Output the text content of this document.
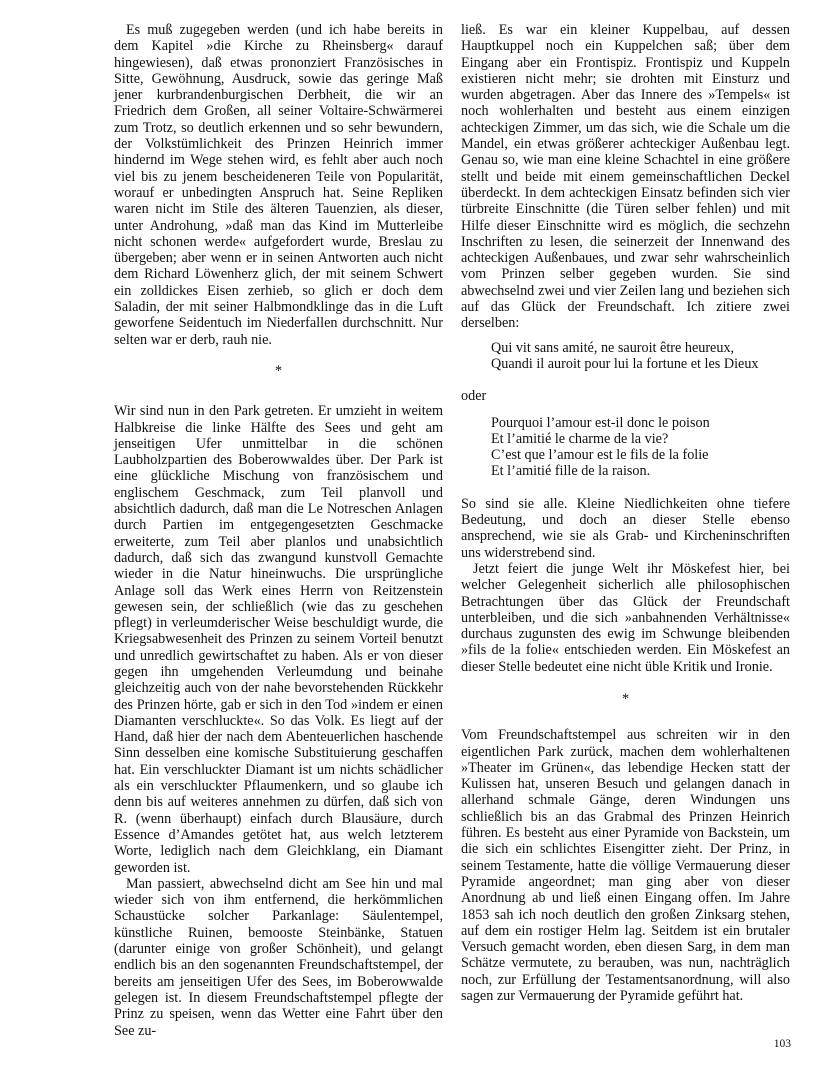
Es muß zugegeben werden (und ich habe bereits in dem Kapitel »die Kirche zu Rheinsberg« darauf hingewiesen), daß etwas prononziert Französisches in Sitte, Gewöhnung, Ausdruck, sowie das geringe Maß jener kurbrandenburgischen Derbheit, die wir an Friedrich dem Großen, all seiner Voltaire-Schwärmerei zum Trotz, so deutlich erkennen und so sehr bewundern, der Volkstümlichkeit des Prinzen Heinrich immer hindernd im Wege stehen wird, es fehlt aber auch noch viel bis zu jenem bescheideneren Teile von Popularität, worauf er unbedingten Anspruch hat. Seine Repliken waren nicht im Stile des älteren Tauenzien, als dieser, unter Androhung, »daß man das Kind im Mutterleibe nicht schonen werde« aufgefordert wurde, Breslau zu übergeben; aber wenn er in seinen Antworten auch nicht dem Richard Löwenherz glich, der mit seinem Schwert ein zolldickes Eisen zerhieb, so glich er doch dem Saladin, der mit seiner Halbmondklinge das in die Luft geworfene Seidentuch im Niederfallen durchschnitt. Nur selten war er derb, rauh nie.

*

Wir sind nun in den Park getreten. Er umzieht in weitem Halbkreise die linke Hälfte des Sees und geht am jenseitigen Ufer unmittelbar in die schönen Laubholzpartien des Boberowwaldes über. Der Park ist eine glückliche Mischung von französischem und englischem Geschmack, zum Teil planvoll und absichtlich dadurch, daß man die Le Notreschen Anlagen durch Partien im entgegengesetzten Geschmacke erweiterte, zum Teil aber planlos und unabsichtlich dadurch, daß sich das zwangund kunstvoll Gemachte wieder in die Natur hineinwuchs. Die ursprüngliche Anlage soll das Werk eines Herrn von Reitzenstein gewesen sein, der schließlich (wie das zu geschehen pflegt) in verleumderischer Weise beschuldigt wurde, die Kriegsabwesenheit des Prinzen zu seinem Vorteil benutzt und unredlich gewirtschaftet zu haben. Als er von dieser gegen ihn umgehenden Verleumdung und beinahe gleichzeitig auch von der nahe bevorstehenden Rückkehr des Prinzen hörte, gab er sich in den Tod »indem er einen Diamanten verschluckte«. So das Volk. Es liegt auf der Hand, daß hier der nach dem Abenteuerlichen haschende Sinn desselben eine komische Substituierung geschaffen hat. Ein verschluckter Diamant ist um nichts schädlicher als ein verschluckter Pflaumenkern, und so glaube ich denn bis auf weiteres annehmen zu dürfen, daß sich von R. (wenn überhaupt) einfach durch Blausäure, durch Essence d’Amandes getötet hat, aus welch letzterem Worte, lediglich nach dem Gleichklang, ein Diamant geworden ist.

Man passiert, abwechselnd dicht am See hin und mal wieder sich von ihm entfernend, die herkömmlichen Schaustücke solcher Parkanlage: Säulentempel, künstliche Ruinen, bemooste Steinbänke, Statuen (darunter einige von großer Schönheit), und gelangt endlich bis an den sogenannten Freundschaftstempel, der bereits am jenseitigen Ufer des Sees, im Boberowwalde gelegen ist. In diesem Freundschaftstempel pflegte der Prinz zu speisen, wenn das Wetter eine Fahrt über den See zu-

ließ. Es war ein kleiner Kuppelbau, auf dessen Hauptkuppel noch ein Kuppelchen saß; über dem Eingang aber ein Frontispiz. Frontispiz und Kuppeln existieren nicht mehr; sie drohten mit Einsturz und wurden abgetragen. Aber das Innere des »Tempels« ist noch wohlerhalten und besteht aus einem einzigen achteckigen Zimmer, um das sich, wie die Schale um die Mandel, ein etwas größerer achteckiger Außenbau legt. Genau so, wie man eine kleine Schachtel in eine größere stellt und beide mit einem gemeinschaftlichen Deckel überdeckt. In dem achteckigen Einsatz befinden sich vier türbreite Einschnitte (die Türen selber fehlen) und mit Hilfe dieser Einschnitte wird es möglich, die sechzehn Inschriften zu lesen, die seinerzeit der Innenwand des achteckigen Außenbaues, und zwar sehr wahrscheinlich vom Prinzen selber gegeben wurden. Sie sind abwechselnd zwei und vier Zeilen lang und beziehen sich auf das Glück der Freundschaft. Ich zitiere zwei derselben:

Qui vit sans amité, ne sauroit être heureux,
Quandi il auroit pour lui la fortune et les Dieux

oder

Pourquoi l’amour est-il donc le poison
Et l’amitié le charme de la vie?
C’est que l’amour est le fils de la folie
Et l’amitié fille de la raison.

So sind sie alle. Kleine Niedlichkeiten ohne tiefere Bedeutung, und doch an dieser Stelle ebenso ansprechend, wie sie als Grab- und Kircheninschriften uns widerstrebend sind.

Jetzt feiert die junge Welt ihr Möskefest hier, bei welcher Gelegenheit sicherlich alle philosophischen Betrachtungen über das Glück der Freundschaft unterbleiben, und die sich »anbahnenden Verhältnisse« durchaus zugunsten des ewig im Schwunge bleibenden »fils de la folie« entschieden werden. Ein Möskefest an dieser Stelle bedeutet eine nicht üble Kritik und Ironie.

*

Vom Freundschaftstempel aus schreiten wir in den eigentlichen Park zurück, machen dem wohlerhaltenen »Theater im Grünen«, das lebendige Hecken statt der Kulissen hat, unseren Besuch und gelangen danach in allerhand schmale Gänge, deren Windungen uns schließlich bis an das Grabmal des Prinzen Heinrich führen. Es besteht aus einer Pyramide von Backstein, um die sich ein schlichtes Eisengitter zieht. Der Prinz, in seinem Testamente, hatte die völlige Vermauerung dieser Pyramide angeordnet; man ging aber von dieser Anordnung ab und ließ einen Eingang offen. Im Jahre 1853 sah ich noch deutlich den großen Zinksarg stehen, auf dem ein rostiger Helm lag. Seitdem ist ein brutaler Versuch gemacht worden, eben diesen Sarg, in dem man Schätze vermutete, zu berauben, was nun, nachträglich noch, zur Erfüllung der Testamentsanordnung, will also sagen zur Vermauerung der Pyramide geführt hat.

103
